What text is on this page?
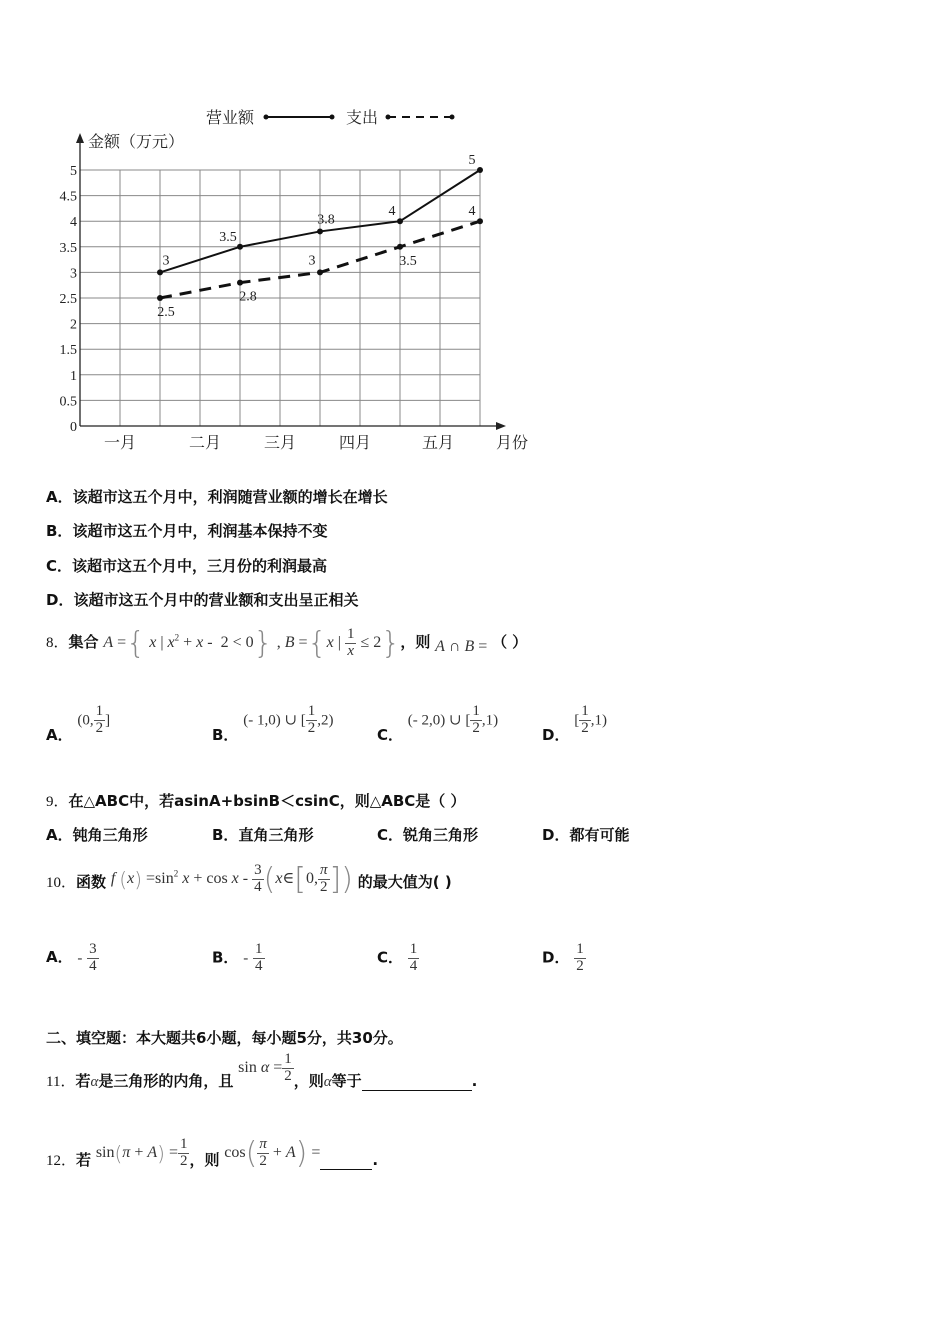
金额（万元）
月份
0
0.5
1
1.5
2
2.5
3
3.5
4
4.5
5
一月	二月	三月	四月	五月
3
3.5
3.8
4
5
2.5
2.8
3	3.5
4
营业额	支出
A．该超市这五个月中，利润随营业额的增长在增长
B．该超市这五个月中，利润基本保持不变
C．该超市这五个月中，三月份的利润最高
D．该超市这五个月中的营业额和支出呈正相关
8．集合 A ={ x | $x^2 + x - 2 < 0$} , B ={x | $\frac{1}{x} \le 2$}，则 A ∩ B = （ ）
A． (0, $\frac{1}{2}$ ]
B． (- 1,0) ∪ [ $\frac{1}{2} ,2$)
C． (- 2,0) ∪ [ $\frac{1}{2} ,1$)
D． [ $\frac{1}{2} ,1$)
9．在△ABC中，若asinA+bsinB＜csinC，则△ABC是（ ）
A．钝角三角形	B．直角三角形	C．锐角三角形	D．都有可能
10．函数 f $(x) =\sin^2$ $x + \cos x - \frac{3}{4}$ (x∈[0, $\frac{\pi}{2}$ ]) 的最大值为( )
A． - $\frac{3}{4}$	B． - $\frac{1}{4}$	C． $\frac{1}{4}$	D． $\frac{1}{2}$
二、填空题：本大题共6小题，每小题5分，共30分。
11．若α是三角形的内角，且 $\sin \alpha = \frac{1}{2}$ ，则α等于	.
12．若 $\sin(\pi + A) = \frac{1}{2}$ ，则 $\cos( \frac{\pi}{2} + A)$ =	.
